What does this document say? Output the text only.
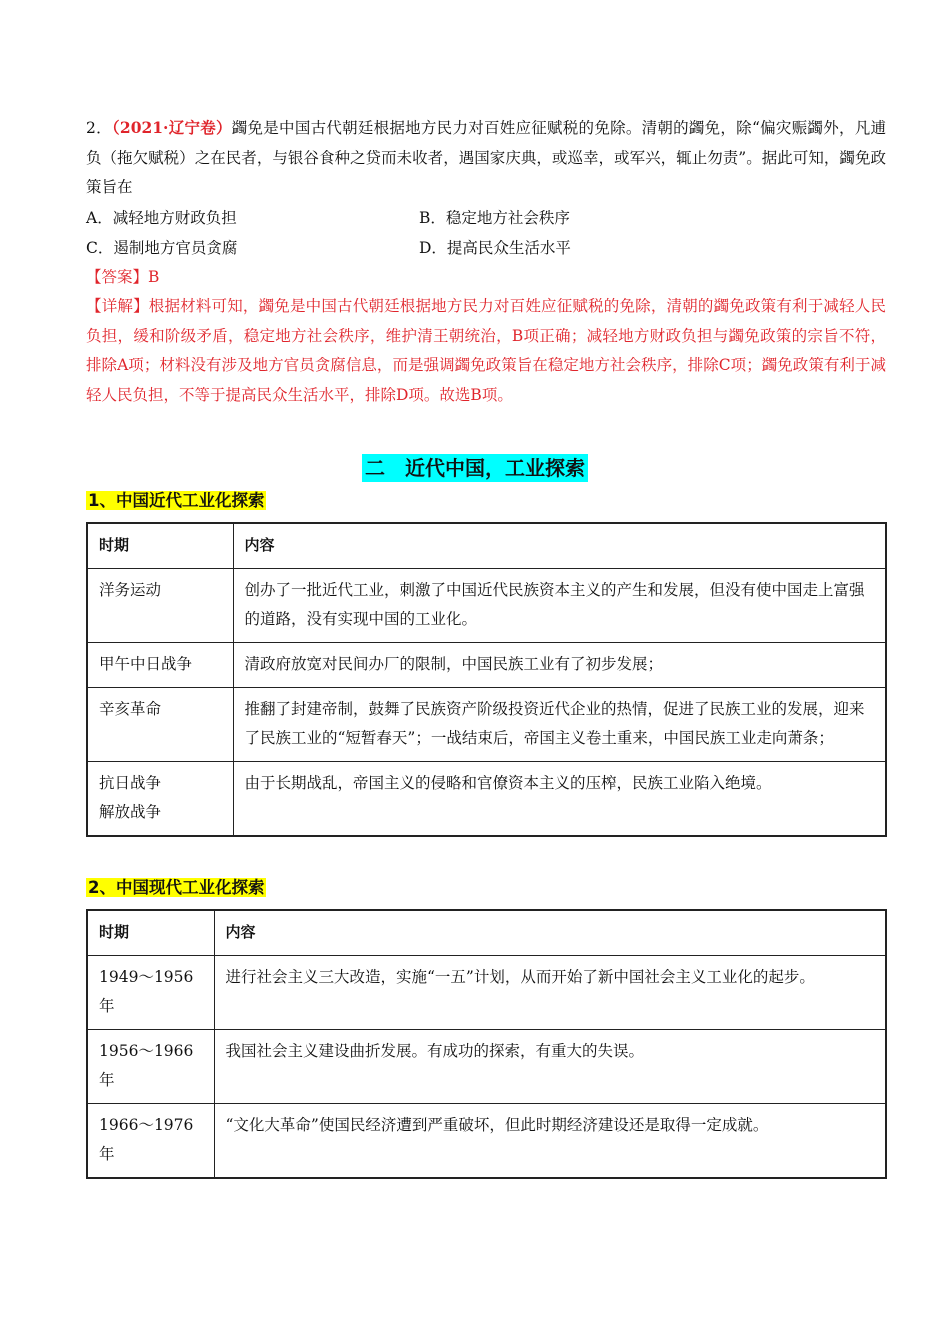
2．（2021·辽宁卷）蠲免是中国古代朝廷根据地方民力对百姓应征赋税的免除。清朝的蠲免，除“偏灾赈蠲外，凡逋负（拖欠赋税）之在民者，与银谷食种之贷而未收者，遇国家庆典，或巡幸，或军兴，辄止勿责”。据此可知，蠲免政策旨在

A．减轻地方财政负担	B．稳定地方社会秩序
C．遏制地方官员贪腐	D．提高民众生活水平

【答案】B

【详解】根据材料可知，蠲免是中国古代朝廷根据地方民力对百姓应征赋税的免除，清朝的蠲免政策有利于减轻人民负担，缓和阶级矛盾，稳定地方社会秩序，维护清王朝统治，B项正确；减轻地方财政负担与蠲免政策的宗旨不符，排除A项；材料没有涉及地方官员贪腐信息，而是强调蠲免政策旨在稳定地方社会秩序，排除C项；蠲免政策有利于减轻人民负担，不等于提高民众生活水平，排除D项。故选B项。

二　近代中国，工业探索
1、中国近代工业化探索
时期	内容
洋务运动	创办了一批近代工业，刺激了中国近代民族资本主义的产生和发展，但没有使中国走上富强的道路，没有实现中国的工业化。
甲午中日战争	清政府放宽对民间办厂的限制，中国民族工业有了初步发展；
辛亥革命	推翻了封建帝制，鼓舞了民族资产阶级投资近代企业的热情，促进了民族工业的发展，迎来了民族工业的“短暂春天”；一战结束后，帝国主义卷土重来，中国民族工业走向萧条；
抗日战争
解放战争	由于长期战乱，帝国主义的侵略和官僚资本主义的压榨，民族工业陷入绝境。
2、中国现代工业化探索
时期	内容
1949～1956年	进行社会主义三大改造，实施“一五”计划，从而开始了新中国社会主义工业化的起步。
1956～1966年	我国社会主义建设曲折发展。有成功的探索，有重大的失误。
1966～1976年	“文化大革命”使国民经济遭到严重破坏，但此时期经济建设还是取得一定成就。
